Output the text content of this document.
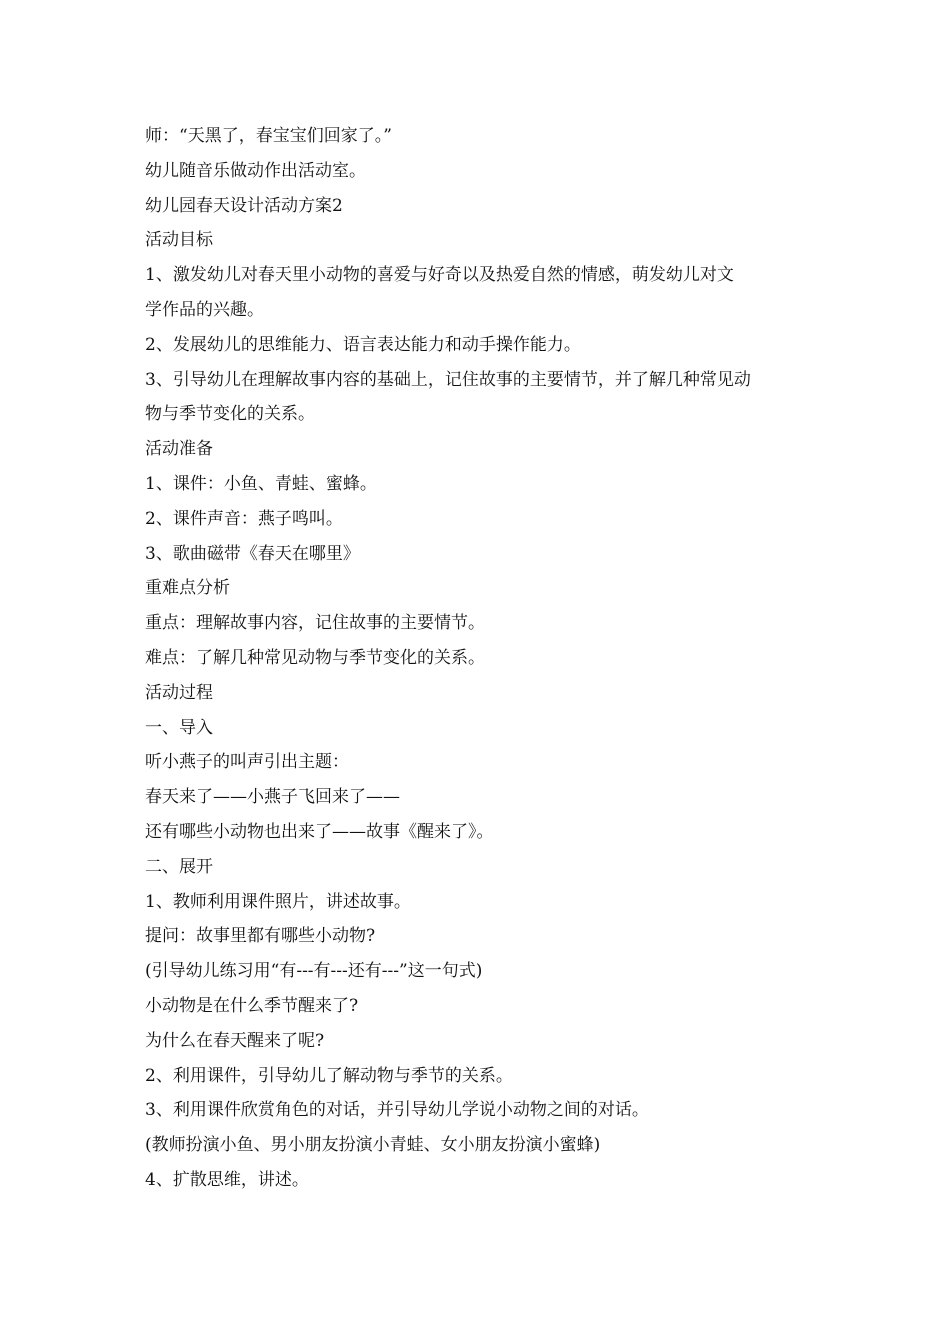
师：“天黑了，春宝宝们回家了。”
幼儿随音乐做动作出活动室。
幼儿园春天设计活动方案2
活动目标
1、激发幼儿对春天里小动物的喜爱与好奇以及热爱自然的情感，萌发幼儿对文
学作品的兴趣。
2、发展幼儿的思维能力、语言表达能力和动手操作能力。
3、引导幼儿在理解故事内容的基础上，记住故事的主要情节，并了解几种常见动
物与季节变化的关系。
活动准备
1、课件：小鱼、青蛙、蜜蜂。
2、课件声音：燕子鸣叫。
3、歌曲磁带《春天在哪里》
重难点分析
重点：理解故事内容，记住故事的主要情节。
难点：了解几种常见动物与季节变化的关系。
活动过程
一、导入
听小燕子的叫声引出主题：
春天来了——小燕子飞回来了——
还有哪些小动物也出来了——故事《醒来了》。
二、展开
1、教师利用课件照片，讲述故事。
提问：故事里都有哪些小动物?
(引导幼儿练习用“有---有---还有---”这一句式)
小动物是在什么季节醒来了?
为什么在春天醒来了呢?
2、利用课件，引导幼儿了解动物与季节的关系。
3、利用课件欣赏角色的对话，并引导幼儿学说小动物之间的对话。
(教师扮演小鱼、男小朋友扮演小青蛙、女小朋友扮演小蜜蜂)
4、扩散思维，讲述。
